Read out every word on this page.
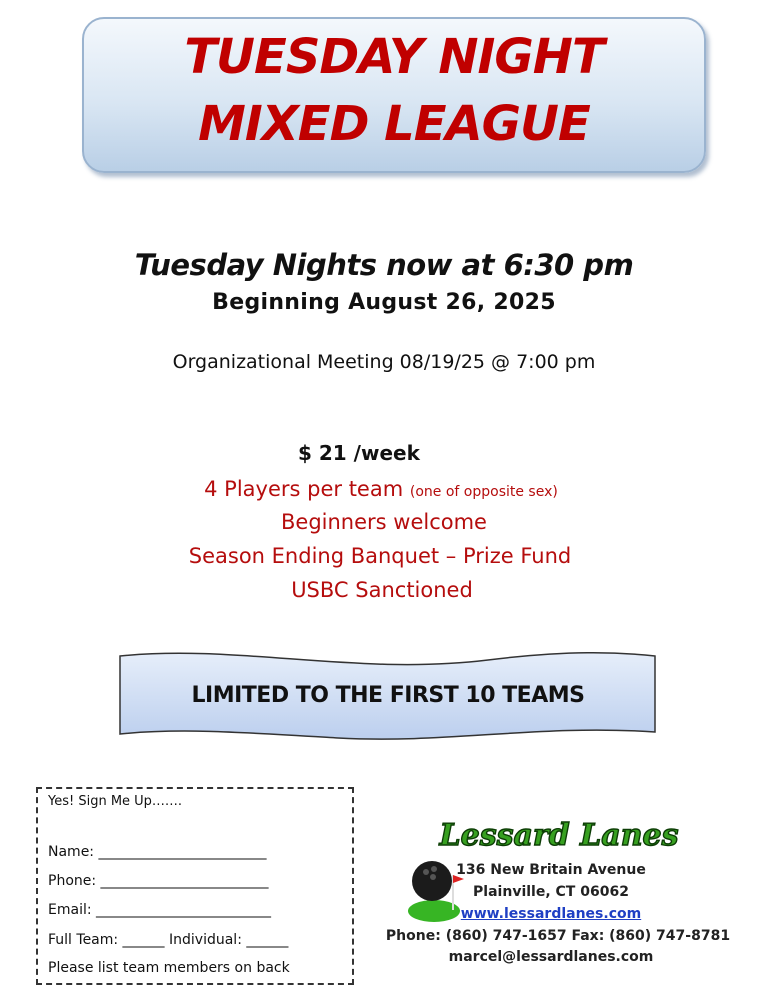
TUESDAY NIGHT
MIXED LEAGUE
Tuesday Nights now at 6:30 pm
Beginning August 26, 2025
Organizational Meeting 08/19/25 @ 7:00 pm
$ 21 /week
4 Players per team (one of opposite sex)
Beginners welcome
Season Ending Banquet – Prize Fund
USBC Sanctioned
LIMITED TO THE FIRST 10 TEAMS
Yes! Sign Me Up…….
Name: ________________________
Phone: ________________________
Email: _________________________
Full Team: ______ Individual: ______
Please list team members on back
Lessard Lanes
136 New Britain Avenue
Plainville, CT 06062
www.lessardlanes.com
Phone: (860) 747-1657 Fax: (860) 747-8781
marcel@lessardlanes.com
